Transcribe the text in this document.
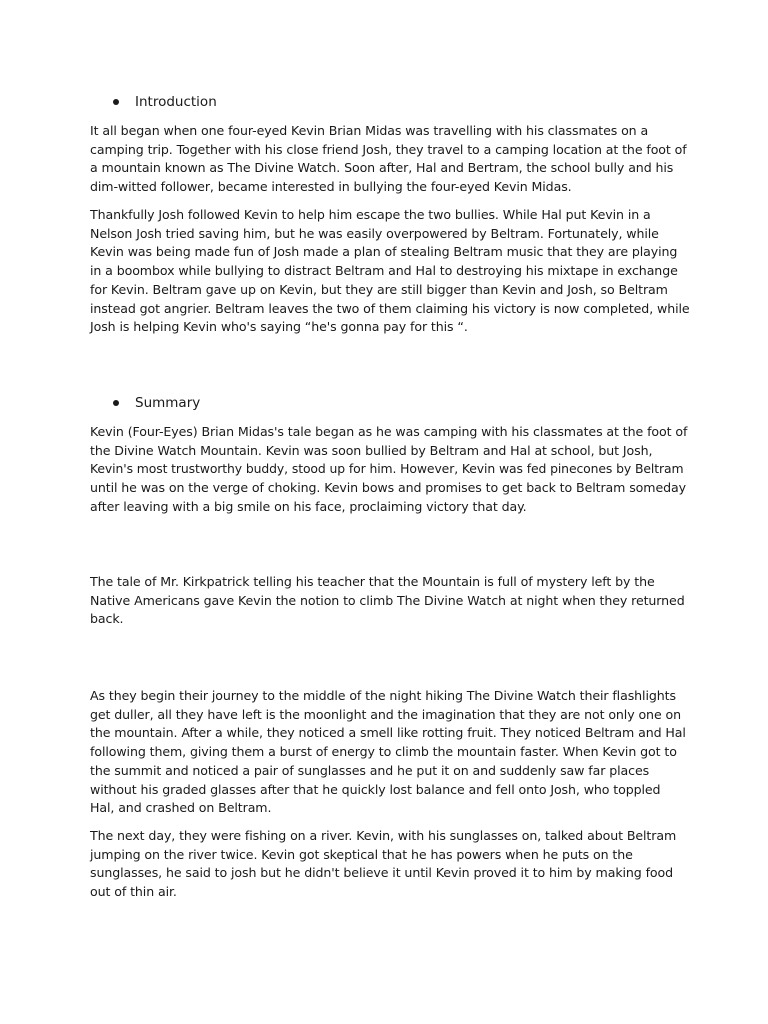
Introduction
It all began when one four-eyed Kevin Brian Midas was travelling with his classmates on a
camping trip. Together with his close friend Josh, they travel to a camping location at the foot of
a mountain known as The Divine Watch. Soon after, Hal and Bertram, the school bully and his
dim-witted follower, became interested in bullying the four-eyed Kevin Midas.
Thankfully Josh followed Kevin to help him escape the two bullies. While Hal put Kevin in a
Nelson Josh tried saving him, but he was easily overpowered by Beltram. Fortunately, while
Kevin was being made fun of Josh made a plan of stealing Beltram music that they are playing
in a boombox while bullying to distract Beltram and Hal to destroying his mixtape in exchange
for Kevin. Beltram gave up on Kevin, but they are still bigger than Kevin and Josh, so Beltram
instead got angrier. Beltram leaves the two of them claiming his victory is now completed, while
Josh is helping Kevin who's saying “he's gonna pay for this “.
Summary
Kevin (Four-Eyes) Brian Midas's tale began as he was camping with his classmates at the foot of
the Divine Watch Mountain. Kevin was soon bullied by Beltram and Hal at school, but Josh,
Kevin's most trustworthy buddy, stood up for him. However, Kevin was fed pinecones by Beltram
until he was on the verge of choking. Kevin bows and promises to get back to Beltram someday
after leaving with a big smile on his face, proclaiming victory that day.
The tale of Mr. Kirkpatrick telling his teacher that the Mountain is full of mystery left by the
Native Americans gave Kevin the notion to climb The Divine Watch at night when they returned
back.
As they begin their journey to the middle of the night hiking The Divine Watch their flashlights
get duller, all they have left is the moonlight and the imagination that they are not only one on
the mountain. After a while, they noticed a smell like rotting fruit. They noticed Beltram and Hal
following them, giving them a burst of energy to climb the mountain faster. When Kevin got to
the summit and noticed a pair of sunglasses and he put it on and suddenly saw far places
without his graded glasses after that he quickly lost balance and fell onto Josh, who toppled
Hal, and crashed on Beltram.
The next day, they were fishing on a river. Kevin, with his sunglasses on, talked about Beltram
jumping on the river twice. Kevin got skeptical that he has powers when he puts on the
sunglasses, he said to josh but he didn't believe it until Kevin proved it to him by making food
out of thin air.
